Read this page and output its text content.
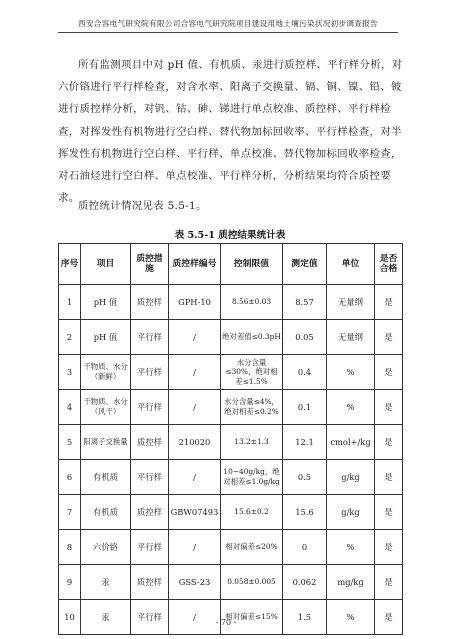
西安合容电气研究院有限公司合容电气研究院项目建设用地土壤污染状况初步调查报告
所有监测项目中对 pH 值、有机质、汞进行质控样、平行样分析，对六价铬进行平行样检查，对含水率、阳离子交换量、镉、铜、镍、铅、铍进行质控样分析，对钒、钴、砷、锑进行单点校准、质控样、平行样检查，对挥发性有机物进行空白样、替代物加标回收率、平行样检查，对半挥发性有机物进行空白样、平行样、单点校准、替代物加标回收率检查，对石油烃进行空白样、单点校准、平行样分析，分析结果均符合质控要求。
质控统计情况见表 5.5-1。
表 5.5-1 质控结果统计表
序号	项目	质控措施	质控样编号	控制限值	测定值	单位	是否合格
1	pH 值	质控样	GPH-10	8.56±0.03	8.57	无量纲	是
2	pH 值	平行样	/	绝对差值≤0.3pH	0.05	无量纲	是
3	干物质、水分（新鲜）	平行样	/	水分含量≤30%，绝对相差≤1.5%	0.4	%	是
4	干物质、水分（风干）	平行样	/	水分含量≤4%，绝对相差≤0.2%	0.1	%	是
5	阳离子交换量	质控样	210020	13.2±1.3	12.1	cmol+/kg	是
6	有机质	平行样	/	10~40g/kg，绝对相差≤1.0g/kg	0.5	g/kg	是
7	有机质	质控样	GBW07493	15.6±0.2	15.6	g/kg	是
8	六价铬	平行样	/	相对偏差≤20%	0	%	是
9	汞	质控样	GSS-23	0.058±0.005	0.062	mg/kg	是
10	汞	平行样	/	相对偏差≤15%	1.5	%	是
- 70 -
